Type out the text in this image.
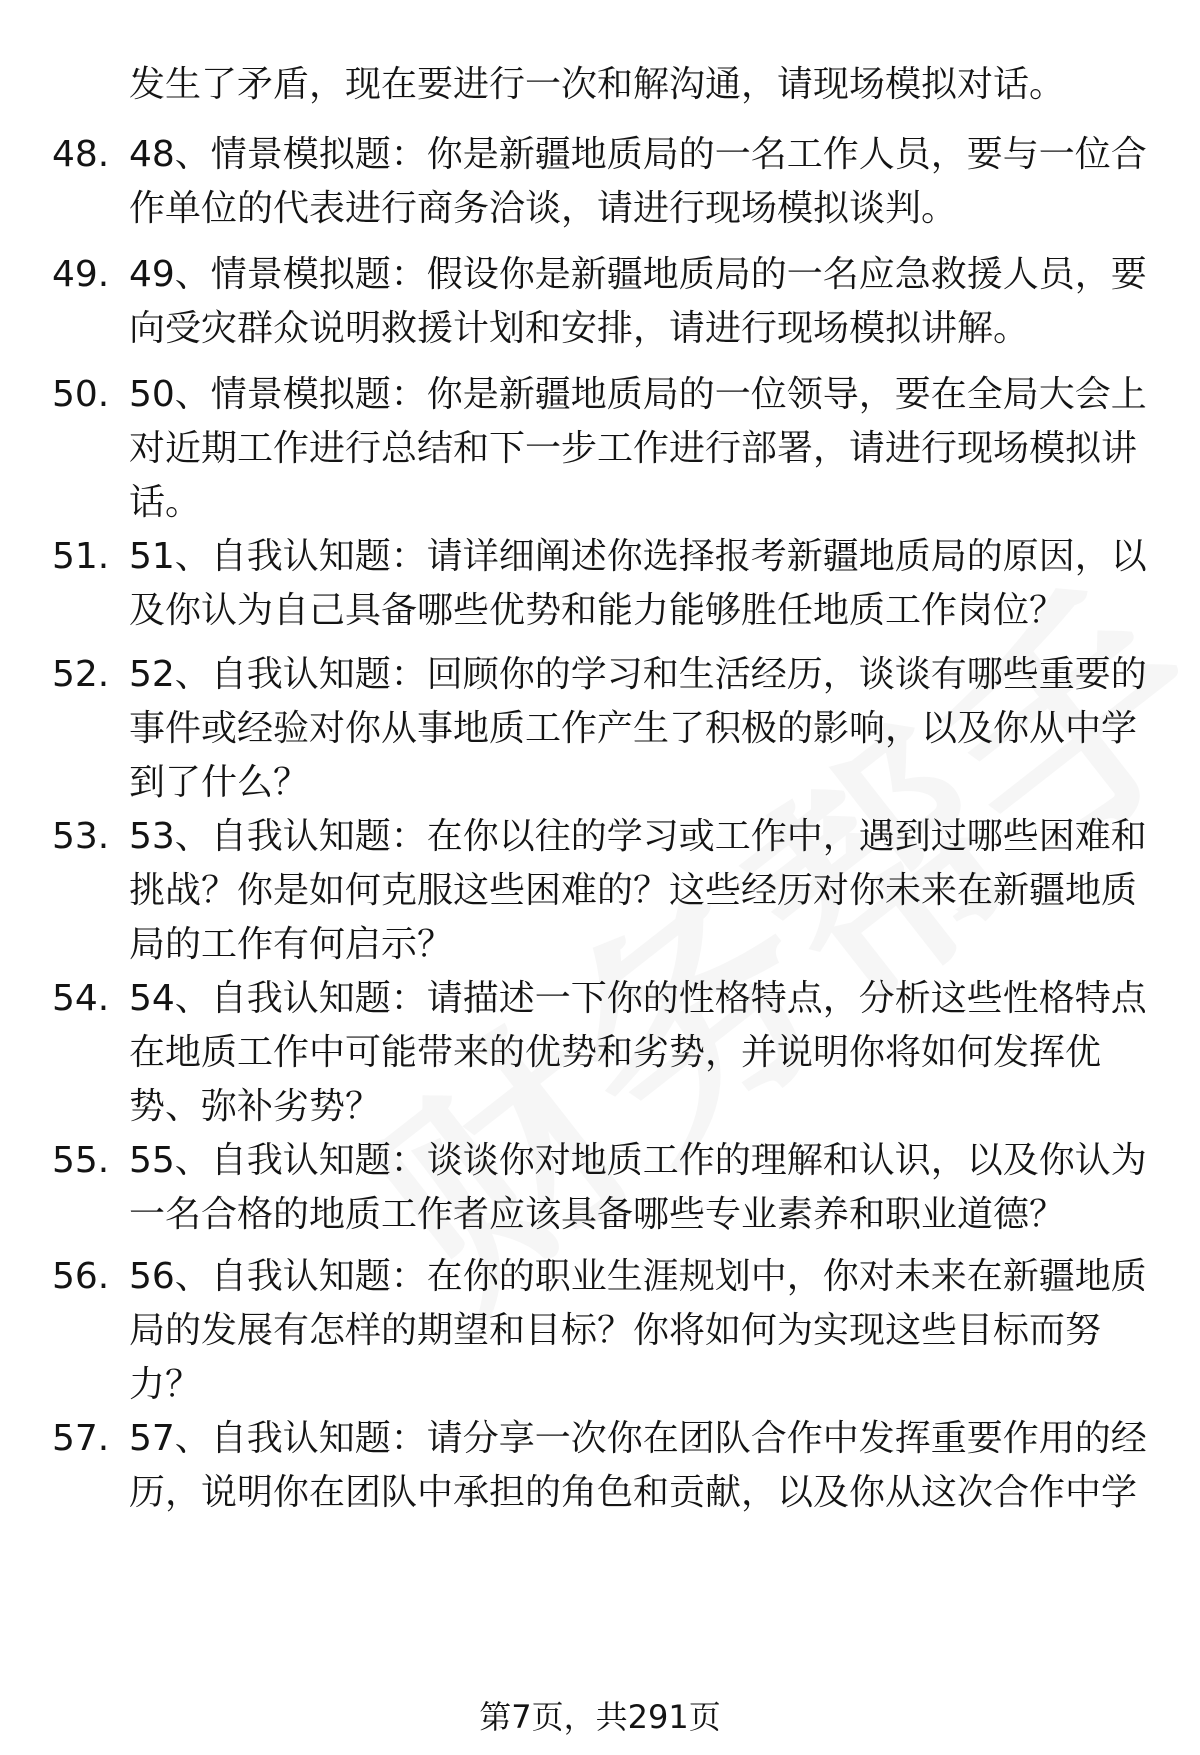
发生了矛盾，现在要进行一次和解沟通，请现场模拟对话。
48. 48、情景模拟题：你是新疆地质局的一名工作人员，要与一位合
作单位的代表进行商务洽谈，请进行现场模拟谈判。
49. 49、情景模拟题：假设你是新疆地质局的一名应急救援人员，要
向受灾群众说明救援计划和安排，请进行现场模拟讲解。
50. 50、情景模拟题：你是新疆地质局的一位领导，要在全局大会上
对近期工作进行总结和下一步工作进行部署，请进行现场模拟讲
话。
51. 51、自我认知题：请详细阐述你选择报考新疆地质局的原因，以
及你认为自己具备哪些优势和能力能够胜任地质工作岗位？
52. 52、自我认知题：回顾你的学习和生活经历，谈谈有哪些重要的
事件或经验对你从事地质工作产生了积极的影响，以及你从中学
到了什么？
53. 53、自我认知题：在你以往的学习或工作中，遇到过哪些困难和
挑战？你是如何克服这些困难的？这些经历对你未来在新疆地质
局的工作有何启示？
54. 54、自我认知题：请描述一下你的性格特点，分析这些性格特点
在地质工作中可能带来的优势和劣势，并说明你将如何发挥优
势、弥补劣势？
55. 55、自我认知题：谈谈你对地质工作的理解和认识，以及你认为
一名合格的地质工作者应该具备哪些专业素养和职业道德？
56. 56、自我认知题：在你的职业生涯规划中，你对未来在新疆地质
局的发展有怎样的期望和目标？你将如何为实现这些目标而努
力？
57. 57、自我认知题：请分享一次你在团队合作中发挥重要作用的经
历，说明你在团队中承担的角色和贡献，以及你从这次合作中学
第7页，共291页
